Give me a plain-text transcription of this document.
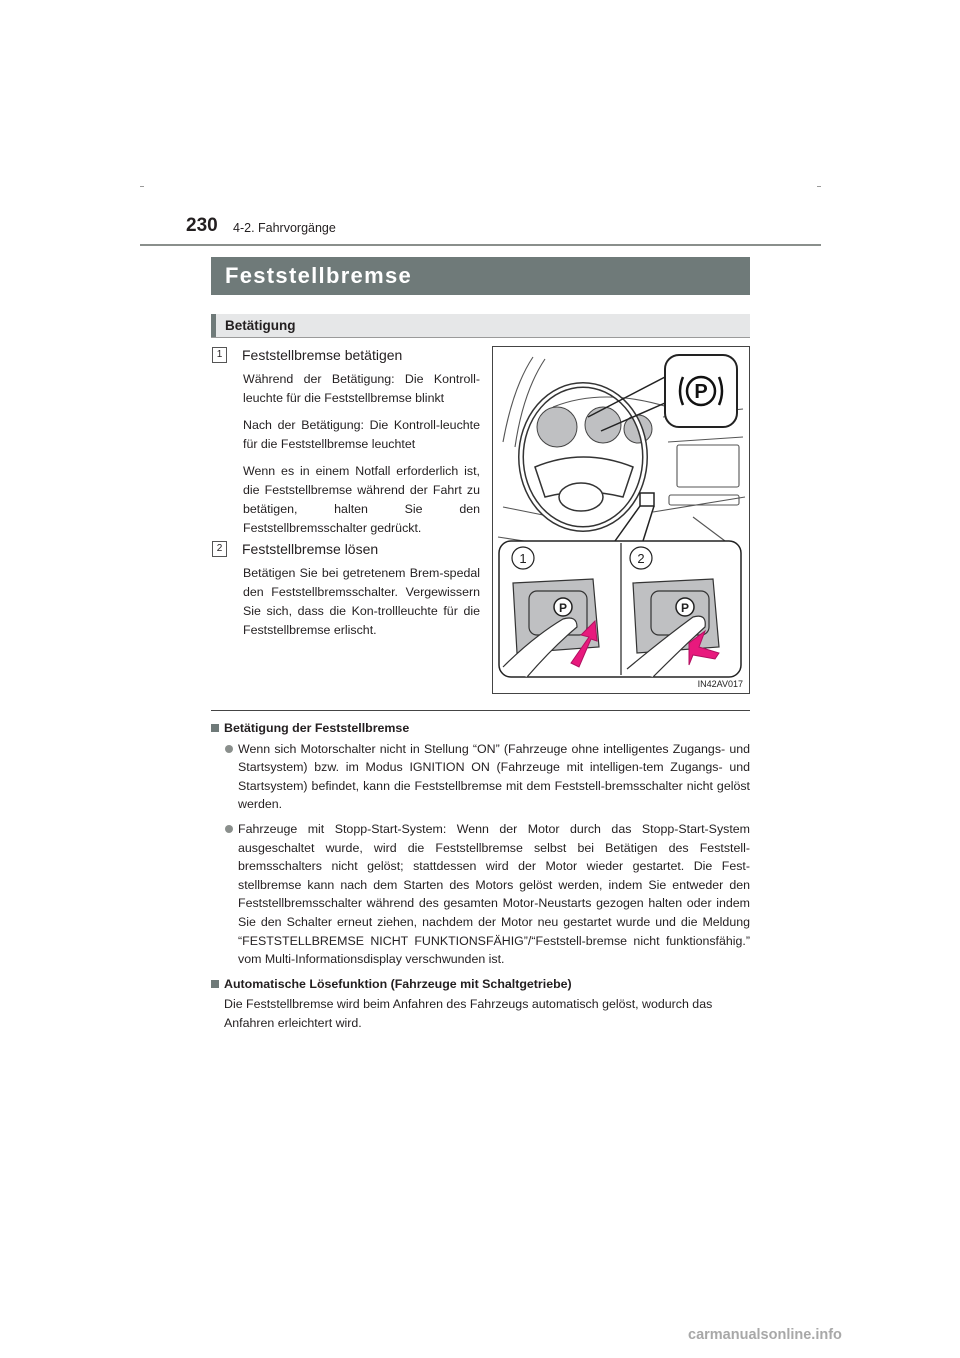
230 4-2. Fahrvorgänge
Feststellbremse
Betätigung
1	Feststellbremse betätigen

Während der Betätigung: Die Kontroll-leuchte für die Feststellbremse blinkt

Nach der Betätigung: Die Kontroll-leuchte für die Feststellbremse leuchtet

Wenn es in einem Notfall erforderlich ist, die Feststellbremse während der Fahrt zu betätigen, halten Sie den Feststellbremsschalter gedrückt.

2	Feststellbremse lösen

Betätigen Sie bei getretenem Brem-spedal den Feststellbremsschalter. Vergewissern Sie sich, dass die Kon-trollleuchte für die Feststellbremse erlischt.

P
1	2
P	P
IN42AV017

Betätigung der Feststellbremse

Wenn sich Motorschalter nicht in Stellung “ON” (Fahrzeuge ohne intelligentes Zugangs- und Startsystem) bzw. im Modus IGNITION ON (Fahrzeuge mit intelligen-tem Zugangs- und Startsystem) befindet, kann die Feststellbremse mit dem Feststell-bremsschalter nicht gelöst werden.

Fahrzeuge mit Stopp-Start-System: Wenn der Motor durch das Stopp-Start-System ausgeschaltet wurde, wird die Feststellbremse selbst bei Betätigen des Feststell-bremsschalters nicht gelöst; stattdessen wird der Motor wieder gestartet. Die Fest-stellbremse kann nach dem Starten des Motors gelöst werden, indem Sie entweder den Feststellbremsschalter während des gesamten Motor-Neustarts gezogen halten oder indem Sie den Schalter erneut ziehen, nachdem der Motor neu gestartet wurde und die Meldung “FESTSTELLBREMSE NICHT FUNKTIONSFÄHIG”/“Feststell-bremse nicht funktionsfähig.” vom Multi-Informationsdisplay verschwunden ist.

Automatische Lösefunktion (Fahrzeuge mit Schaltgetriebe)

Die Feststellbremse wird beim Anfahren des Fahrzeugs automatisch gelöst, wodurch das Anfahren erleichtert wird.

carmanualsonline.info
